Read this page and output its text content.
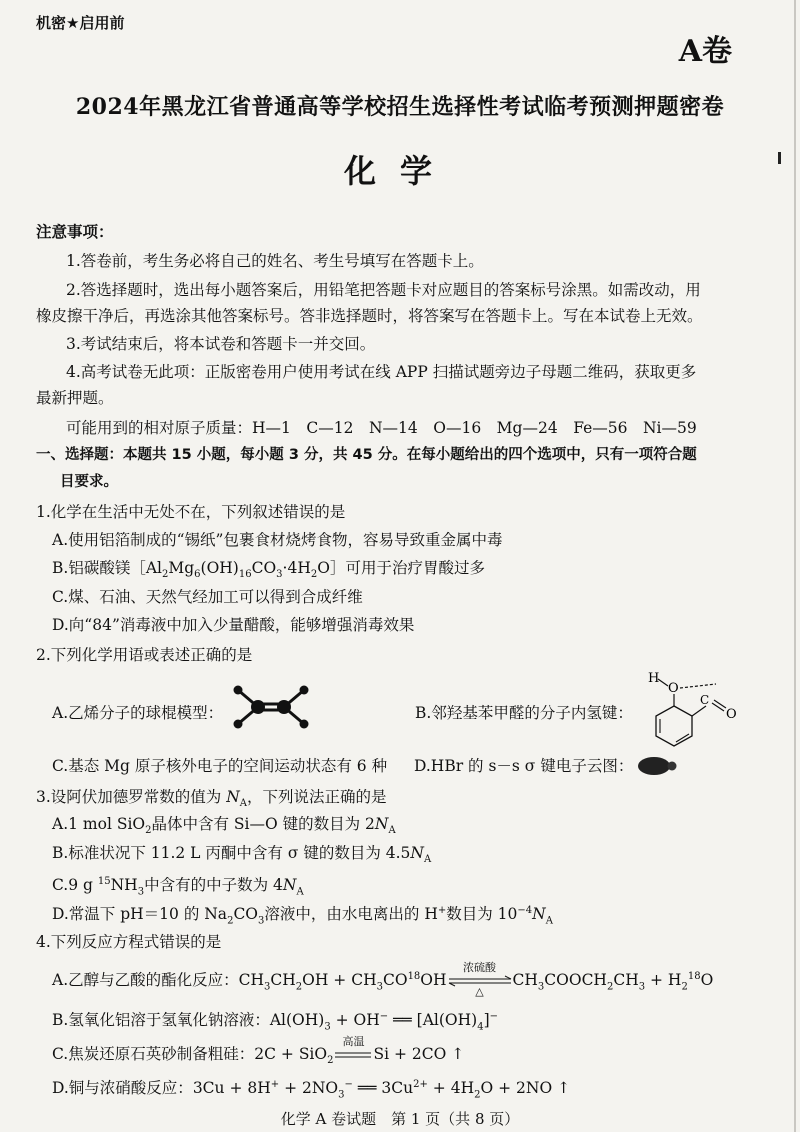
机密★启用前
A卷
2024年黑龙江省普通高等学校招生选择性考试临考预测押题密卷
化学
注意事项：
1.答卷前，考生务必将自己的姓名、考生号填写在答题卡上。
2.答选择题时，选出每小题答案后，用铅笔把答题卡对应题目的答案标号涂黑。如需改动，用
橡皮擦干净后，再选涂其他答案标号。答非选择题时，将答案写在答题卡上。写在本试卷上无效。
3.考试结束后，将本试卷和答题卡一并交回。
4.高考试卷无此项：正版密卷用户使用考试在线 APP 扫描试题旁边子母题二维码，获取更多
最新押题。
可能用到的相对原子质量：H—1　C—12　N—14　O—16　Mg—24　Fe—56　Ni—59
一、选择题：本题共 15 小题，每小题 3 分，共 45 分。在每小题给出的四个选项中，只有一项符合题
目要求。
1.化学在生活中无处不在，下列叙述错误的是
A.使用铝箔制成的“锡纸”包裹食材烧烤食物，容易导致重金属中毒
B.铝碳酸镁$[Al_2Mg_6(OH)_{16}CO_3\cdot 4H_2O]$可用于治疗胃酸过多
C.煤、石油、天然气经加工可以得到合成纤维
D.向“84”消毒液中加入少量醋酸，能够增强消毒效果
2.下列化学用语或表述正确的是
A.乙烯分子的球棍模型：	B.邻羟基苯甲醛的分子内氢键：
H
O
C
O
C.基态 Mg 原子核外电子的空间运动状态有 6 种 D.HBr 的 s－s σ 键电子云图：
3.设阿伏加德罗常数的值为 $N_A$，下列说法正确的是
A.1 mol SiO$_2$晶体中含有 Si—O 键的数目为 $2N_A$
B.标准状况下 11.2 L 丙酮中含有 σ 键的数目为 $4.5N_A$
C.9 g $^{15}NH_3$中含有的中子数为 $4N_A$
D.常温下 pH＝10 的 $Na_2CO_3$溶液中，由水电离出的 H+数目为 $10^{-4}N_A$
4.下列反应方程式错误的是
A.乙醇与乙酸的酯化反应：$CH_3CH_2OH + CH_3CO^{18}OH$
浓硫酸
△
$CH_3COOCH_2CH_3 + H_2^{18}O$
B.氢氧化铝溶于氢氧化钠溶液：$Al(OH)_3 + OH^-$ ══ $[Al(OH)_4]^-$
C.焦炭还原石英砂制备粗硅：2C + SiO$_2$
高温
Si + 2CO ↑
D.铜与浓硝酸反应：$3Cu + 8H^+ + 2NO_3^-$ ══ $3Cu^{2+} + 4H_2O + 2NO$ ↑
化学 A 卷试题　第 1 页（共 8 页）
